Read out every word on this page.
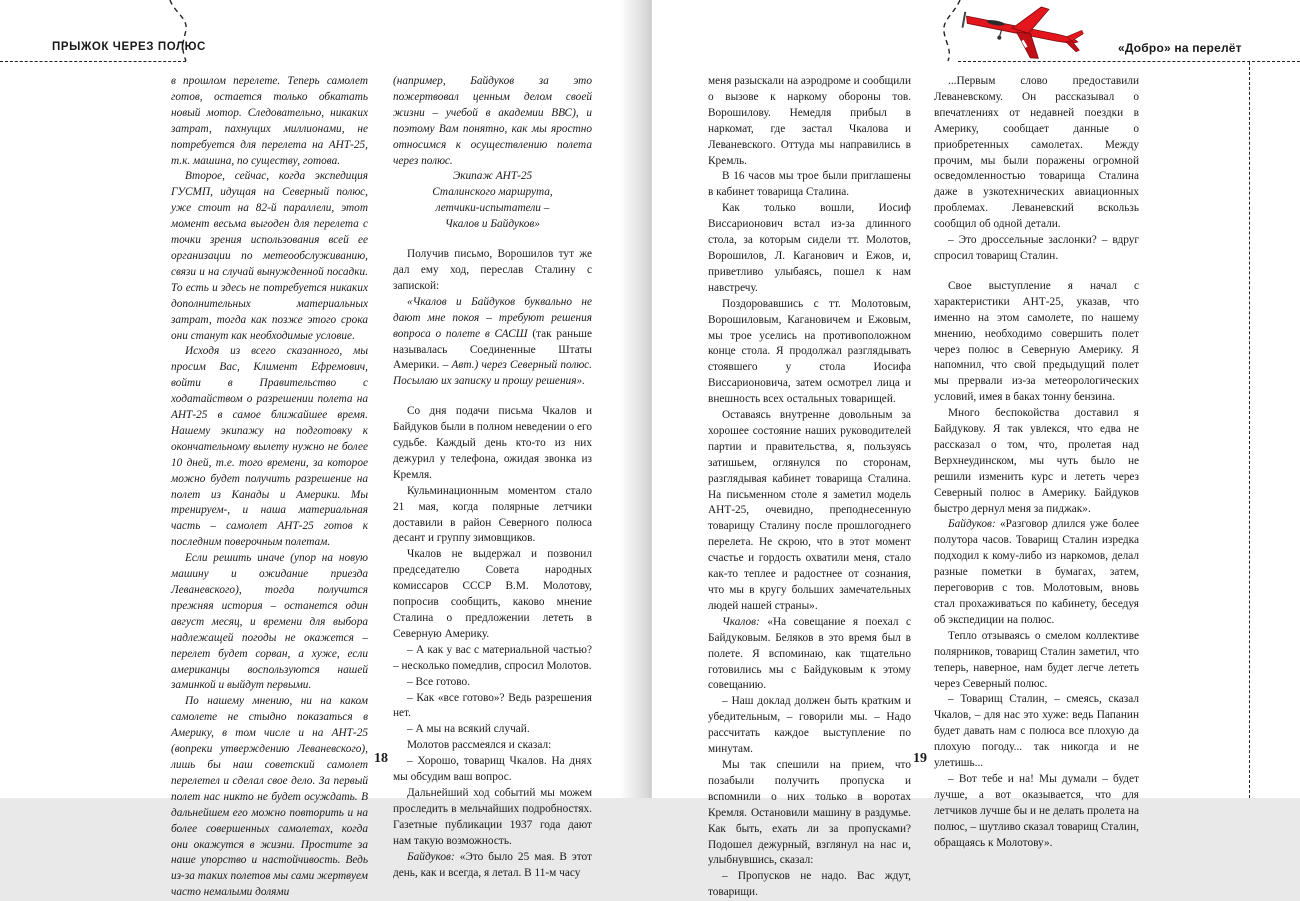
ПРЫЖОК ЧЕРЕЗ ПОЛЮС

в прошлом перелете. Теперь самолет готов, остается только обкатать новый мотор. Следовательно, никаких затрат, пахнущих миллионами, не потребуется для перелета на АНТ-25, т.к. машина, по существу, готова.

Второе, сейчас, когда экспедиция ГУСМП, идущая на Северный полюс, уже стоит на 82-й параллели, этот момент весьма выгоден для перелета с точки зрения использования всей ее организации по метеообслуживанию, связи и на случай вынужденной посадки. То есть и здесь не потребуется никаких дополнительных материальных затрат, тогда как позже этого срока они станут как необходимые условие.

Исходя из всего сказанного, мы просим Вас, Климент Ефремович, войти в Правительство с ходатайством о разрешении полета на АНТ-25 в самое ближайшее время. Нашему экипажу на подготовку к окончательному вылету нужно не более 10 дней, т.е. того времени, за которое можно будет получить разрешение на полет из Канады и Америки. Мы тренируем-, и наша материальная часть – самолет АНТ-25 готов к последним поверочным полетам.

Если решить иначе (упор на новую машину и ожидание приезда Леваневского), тогда получится прежняя история – останется один август месяц, и времени для выбора надлежащей погоды не окажется – перелет будет сорван, а хуже, если американцы воспользуются нашей заминкой и выйдут первыми.

По нашему мнению, ни на каком самолете не стыдно показаться в Америку, в том числе и на АНТ-25 (вопреки утверждению Леваневского), лишь бы наш советский самолет перелетел и сделал свое дело. За первый полет нас никто не будет осуждать. В дальнейшем его можно повторить и на более совершенных самолетах, когда они окажутся в жизни. Простите за наше упорство и настойчивость. Ведь из-за таких полетов мы сами жертвуем часто немалыми долями

(например, Байдуков за это пожертвовал ценным делом своей жизни – учебой в академии ВВС), и поэтому Вам понятно, как мы яростно относимся к осуществлению полета через полюс.

Экипаж АНТ-25

Сталинского маршрута,

летчики-испытатели –

Чкалов и Байдуков»

Получив письмо, Ворошилов тут же дал ему ход, переслав Сталину с запиской:

«Чкалов и Байдуков буквально не дают мне покоя – требуют решения вопроса о полете в САСШ (так раньше называлась Соединенные Штаты Америки. – Авт.) через Северный полюс. Посылаю их записку и прошу решения».

Со дня подачи письма Чкалов и Байдуков были в полном неведении о его судьбе. Каждый день кто-то из них дежурил у телефона, ожидая звонка из Кремля.

Кульминационным моментом стало 21 мая, когда полярные летчики доставили в район Северного полюса десант и группу зимовщиков.

Чкалов не выдержал и позвонил председателю Совета народных комиссаров СССР В.М. Молотову, попросив сообщить, каково мнение Сталина о предложении лететь в Северную Америку.

– А как у вас с материальной частью? – несколько помедлив, спросил Молотов.

– Все готово.

– Как «все готово»? Ведь разрешения нет.

– А мы на всякий случай.

Молотов рассмеялся и сказал:

– Хорошо, товарищ Чкалов. На днях мы обсудим ваш вопрос.

Дальнейший ход событий мы можем проследить в мельчайших подробностях. Газетные публикации 1937 года дают нам такую возможность.

Байдуков: «Это было 25 мая. В этот день, как и всегда, я летал. В 11-м часу

18
«Добро» на перелёт

меня разыскали на аэродроме и сообщили о вызове к наркому обороны тов. Ворошилову. Немедля прибыл в наркомат, где застал Чкалова и Леваневского. Оттуда мы направились в Кремль.

В 16 часов мы трое были приглашены в кабинет товарища Сталина.

Как только вошли, Иосиф Виссарионович встал из-за длинного стола, за которым сидели тт. Молотов, Ворошилов, Л. Каганович и Ежов, и, приветливо улыбаясь, пошел к нам навстречу.

Поздоровавшись с тт. Молотовым, Ворошиловым, Кагановичем и Ежовым, мы трое уселись на противоположном конце стола. Я продолжал разглядывать стоявшего у стола Иосифа Виссарионовича, затем осмотрел лица и внешность всех остальных товарищей.

Оставаясь внутренне довольным за хорошее состояние наших руководителей партии и правительства, я, пользуясь затишьем, оглянулся по сторонам, разглядывая кабинет товарища Сталина. На письменном столе я заметил модель АНТ-25, очевидно, преподнесенную товарищу Сталину после прошлогоднего перелета. Не скрою, что в этот момент счастье и гордость охватили меня, стало как-то теплее и радостнее от сознания, что мы в кругу больших замечательных людей нашей страны».

Чкалов: «На совещание я поехал с Байдуковым. Беляков в это время был в полете. Я вспоминаю, как тщательно готовились мы с Байдуковым к этому совещанию.

– Наш доклад должен быть кратким и убедительным, – говорили мы. – Надо рассчитать каждое выступление по минутам.

Мы так спешили на прием, что позабыли получить пропуска и вспомнили о них только в воротах Кремля. Остановили машину в раздумье. Как быть, ехать ли за пропусками? Подошел дежурный, взглянул на нас и, улыбнувшись, сказал:

– Пропусков не надо. Вас ждут, товарищи.

...Первым слово предоставили Леваневскому. Он рассказывал о впечатлениях от недавней поездки в Америку, сообщает данные о приобретенных самолетах. Между прочим, мы были поражены огромной осведомленностью товарища Сталина даже в узкотехнических авиационных проблемах. Леваневский вскользь сообщил об одной детали.

– Это дроссельные заслонки? – вдруг спросил товарищ Сталин.

Свое выступление я начал с характеристики АНТ-25, указав, что именно на этом самолете, по нашему мнению, необходимо совершить полет через полюс в Северную Америку. Я напомнил, что свой предыдущий полет мы прервали из-за метеорологических условий, имея в баках тонну бензина.

Много беспокойства доставил я Байдукову. Я так увлекся, что едва не рассказал о том, что, пролетая над Верхнеудинском, мы чуть было не решили изменить курс и лететь через Северный полюс в Америку. Байдуков быстро дернул меня за пиджак».

Байдуков: «Разговор длился уже более полутора часов. Товарищ Сталин изредка подходил к кому-либо из наркомов, делал разные пометки в бумагах, затем, переговорив с тов. Молотовым, вновь стал прохаживаться по кабинету, беседуя об экспедиции на полюс.

Тепло отзываясь о смелом коллективе полярников, товарищ Сталин заметил, что теперь, наверное, нам будет легче лететь через Северный полюс.

– Товарищ Сталин, – смеясь, сказал Чкалов, – для нас это хуже: ведь Папанин будет давать нам с полюса все плохую да плохую погоду... так никогда и не улетишь...

– Вот тебе и на! Мы думали – будет лучше, а вот оказывается, что для летчиков лучше бы и не делать пролета на полюс, – шутливо сказал товарищ Сталин, обращаясь к Молотову».

19
